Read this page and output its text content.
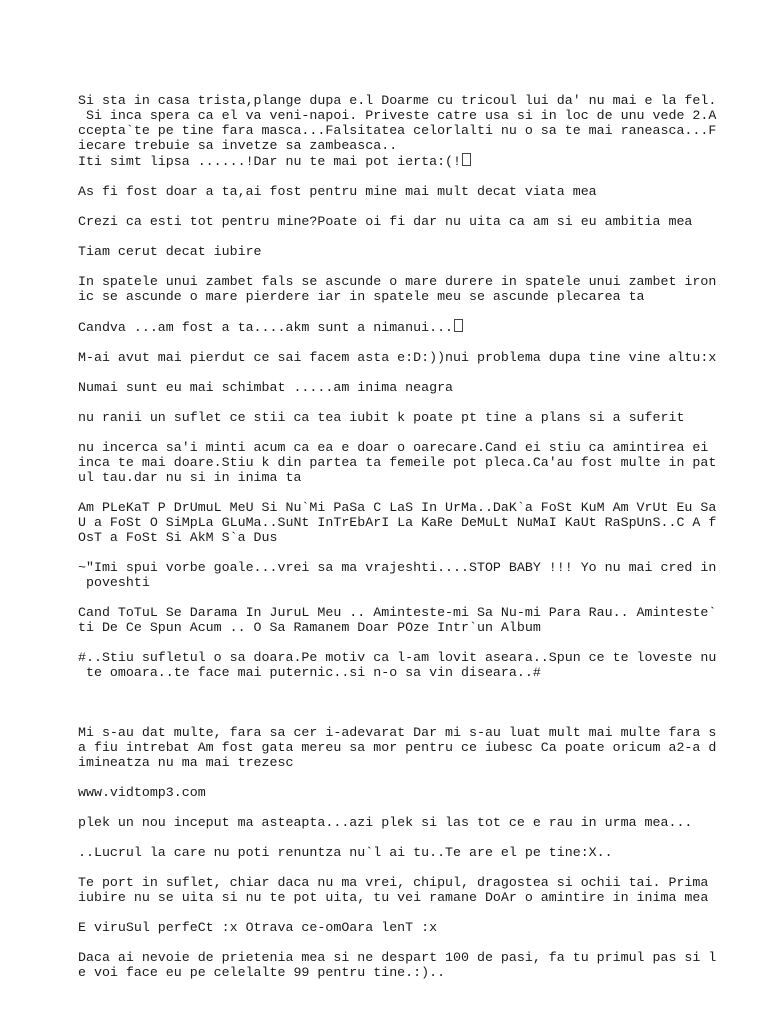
Si sta in casa trista,plange dupa e.l Doarme cu tricoul lui da' nu mai e la fel.
Si inca spera ca el va veni-napoi. Priveste catre usa si in loc de unu vede 2.A
ccepta`te pe tine fara masca...Falsitatea celorlalti nu o sa te mai raneasca...F
iecare trebuie sa invetze sa zambeasca..
Iti simt lipsa ......!Dar nu te mai pot ierta:(!
As fi fost doar a ta,ai fost pentru mine mai mult decat viata mea
Crezi ca esti tot pentru mine?Poate oi fi dar nu uita ca am si eu ambitia mea
Tiam cerut decat iubire
In spatele unui zambet fals se ascunde o mare durere in spatele unui zambet iron
ic se ascunde o mare pierdere iar in spatele meu se ascunde plecarea ta
Candva ...am fost a ta....akm sunt a nimanui...
M-ai avut mai pierdut ce sai facem asta e:D:))nui problema dupa tine vine altu:x
Numai sunt eu mai schimbat .....am inima neagra
nu ranii un suflet ce stii ca tea iubit k poate pt tine a plans si a suferit
nu incerca sa'i minti acum ca ea e doar o oarecare.Cand ei stiu ca amintirea ei
inca te mai doare.Stiu k din partea ta femeile pot pleca.Ca'au fost multe in pat
ul tau.dar nu si in inima ta
Am PLeKaT P DrUmuL MeU Si Nu`Mi PaSa C LaS In UrMa..DaK`a FoSt KuM Am VrUt Eu Sa
U a FoSt O SiMpLa GLuMa..SuNt InTrEbArI La KaRe DeMuLt NuMaI KaUt RaSpUnS..C A f
OsT a FoSt Si AkM S`a Dus
~"Imi spui vorbe goale...vrei sa ma vrajeshti....STOP BABY !!! Yo nu mai cred in
poveshti
Cand ToTuL Se Darama In JuruL Meu .. Aminteste-mi Sa Nu-mi Para Rau.. Aminteste`
ti De Ce Spun Acum .. O Sa Ramanem Doar POze Intr`un Album
#..Stiu sufletul o sa doara.Pe motiv ca l-am lovit aseara..Spun ce te loveste nu
te omoara..te face mai puternic..si n-o sa vin diseara..#
Mi s-au dat multe, fara sa cer i-adevarat Dar mi s-au luat mult mai multe fara s
a fiu intrebat Am fost gata mereu sa mor pentru ce iubesc Ca poate oricum a2-a d
imineatza nu ma mai trezesc
www.vidtomp3.com
plek un nou inceput ma asteapta...azi plek si las tot ce e rau in urma mea...
..Lucrul la care nu poti renuntza nu`l ai tu..Te are el pe tine:X..
Te port in suflet, chiar daca nu ma vrei, chipul, dragostea si ochii tai. Prima
iubire nu se uita si nu te pot uita, tu vei ramane DoAr o amintire in inima mea
E viruSul perfeCt :x Otrava ce-omOara lenT :x
Daca ai nevoie de prietenia mea si ne despart 100 de pasi, fa tu primul pas si l
e voi face eu pe celelalte 99 pentru tine.:)..
